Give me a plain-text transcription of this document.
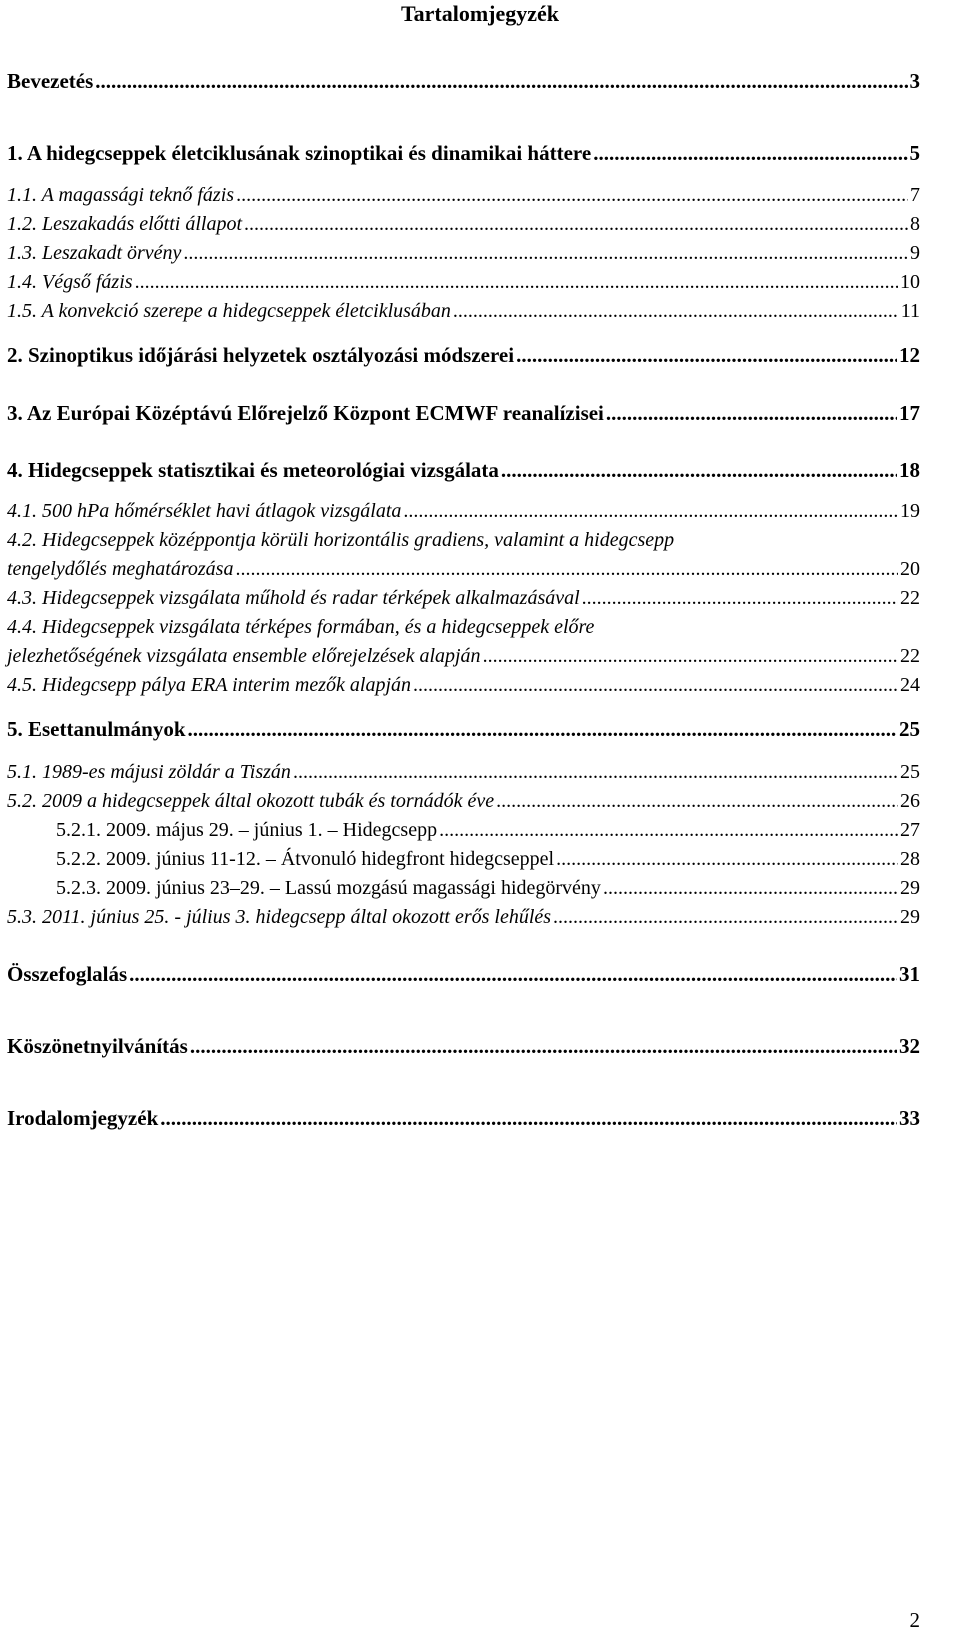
Tartalomjegyzék
Bevezetés .....	3
1. A hidegcseppek életciklusának szinoptikai és dinamikai háttere .....	5
1.1. A magassági teknő fázis .....	7
1.2. Leszakadás előtti állapot .....	8
1.3. Leszakadt örvény .....	9
1.4. Végső fázis .....	10
1.5. A konvekció szerepe a hidegcseppek életciklusában .....	11
2. Szinoptikus időjárási helyzetek osztályozási módszerei .....	12
3. Az Európai Középtávú Előrejelző Központ ECMWF reanalízisei .....	17
4. Hidegcseppek statisztikai és meteorológiai vizsgálata .....	18
4.1. 500 hPa hőmérséklet havi átlagok vizsgálata .....	19
4.2. Hidegcseppek középpontja körüli horizontális gradiens, valamint a hidegcsepp
tengelydőlés meghatározása .....	20
4.3. Hidegcseppek vizsgálata műhold és radar térképek alkalmazásával .....	22
4.4. Hidegcseppek vizsgálata térképes formában, és a hidegcseppek előre
jelezhetőségének vizsgálata ensemble előrejelzések alapján .....	22
4.5. Hidegcsepp pálya ERA interim mezők alapján .....	24
5. Esettanulmányok .....	25
5.1. 1989-es májusi zöldár a Tiszán .....	25
5.2. 2009 a hidegcseppek által okozott tubák és tornádók éve .....	26
5.2.1. 2009. május 29. – június 1. – Hidegcsepp .....	27
5.2.2. 2009. június 11-12. – Átvonuló hidegfront hidegcseppel .....	28
5.2.3. 2009. június 23–29. – Lassú mozgású magassági hidegörvény .....	29
5.3. 2011. június 25. - július 3. hidegcsepp által okozott erős lehűlés .....	29
Összefoglalás .....	31
Köszönetnyilvánítás .....	32
Irodalomjegyzék .....	33
2
